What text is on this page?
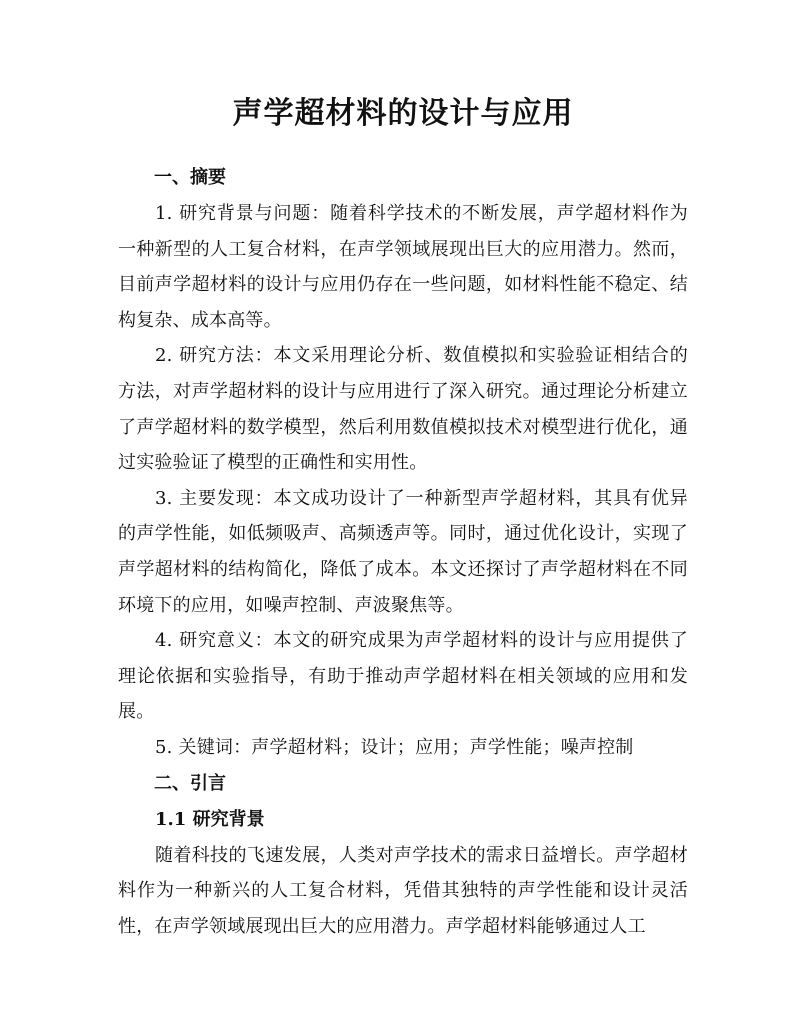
声学超材料的设计与应用
一、摘要

1. 研究背景与问题：随着科学技术的不断发展，声学超材料作为一种新型的人工复合材料，在声学领域展现出巨大的应用潜力。然而，目前声学超材料的设计与应用仍存在一些问题，如材料性能不稳定、结构复杂、成本高等。

2. 研究方法：本文采用理论分析、数值模拟和实验验证相结合的方法，对声学超材料的设计与应用进行了深入研究。通过理论分析建立了声学超材料的数学模型，然后利用数值模拟技术对模型进行优化，通过实验验证了模型的正确性和实用性。

3. 主要发现：本文成功设计了一种新型声学超材料，其具有优异的声学性能，如低频吸声、高频透声等。同时，通过优化设计，实现了声学超材料的结构简化，降低了成本。本文还探讨了声学超材料在不同环境下的应用，如噪声控制、声波聚焦等。

4. 研究意义：本文的研究成果为声学超材料的设计与应用提供了理论依据和实验指导，有助于推动声学超材料在相关领域的应用和发展。

5. 关键词：声学超材料；设计；应用；声学性能；噪声控制

二、引言
1.1 研究背景

随着科技的飞速发展，人类对声学技术的需求日益增长。声学超材料作为一种新兴的人工复合材料，凭借其独特的声学性能和设计灵活性，在声学领域展现出巨大的应用潜力。声学超材料能够通过人工
